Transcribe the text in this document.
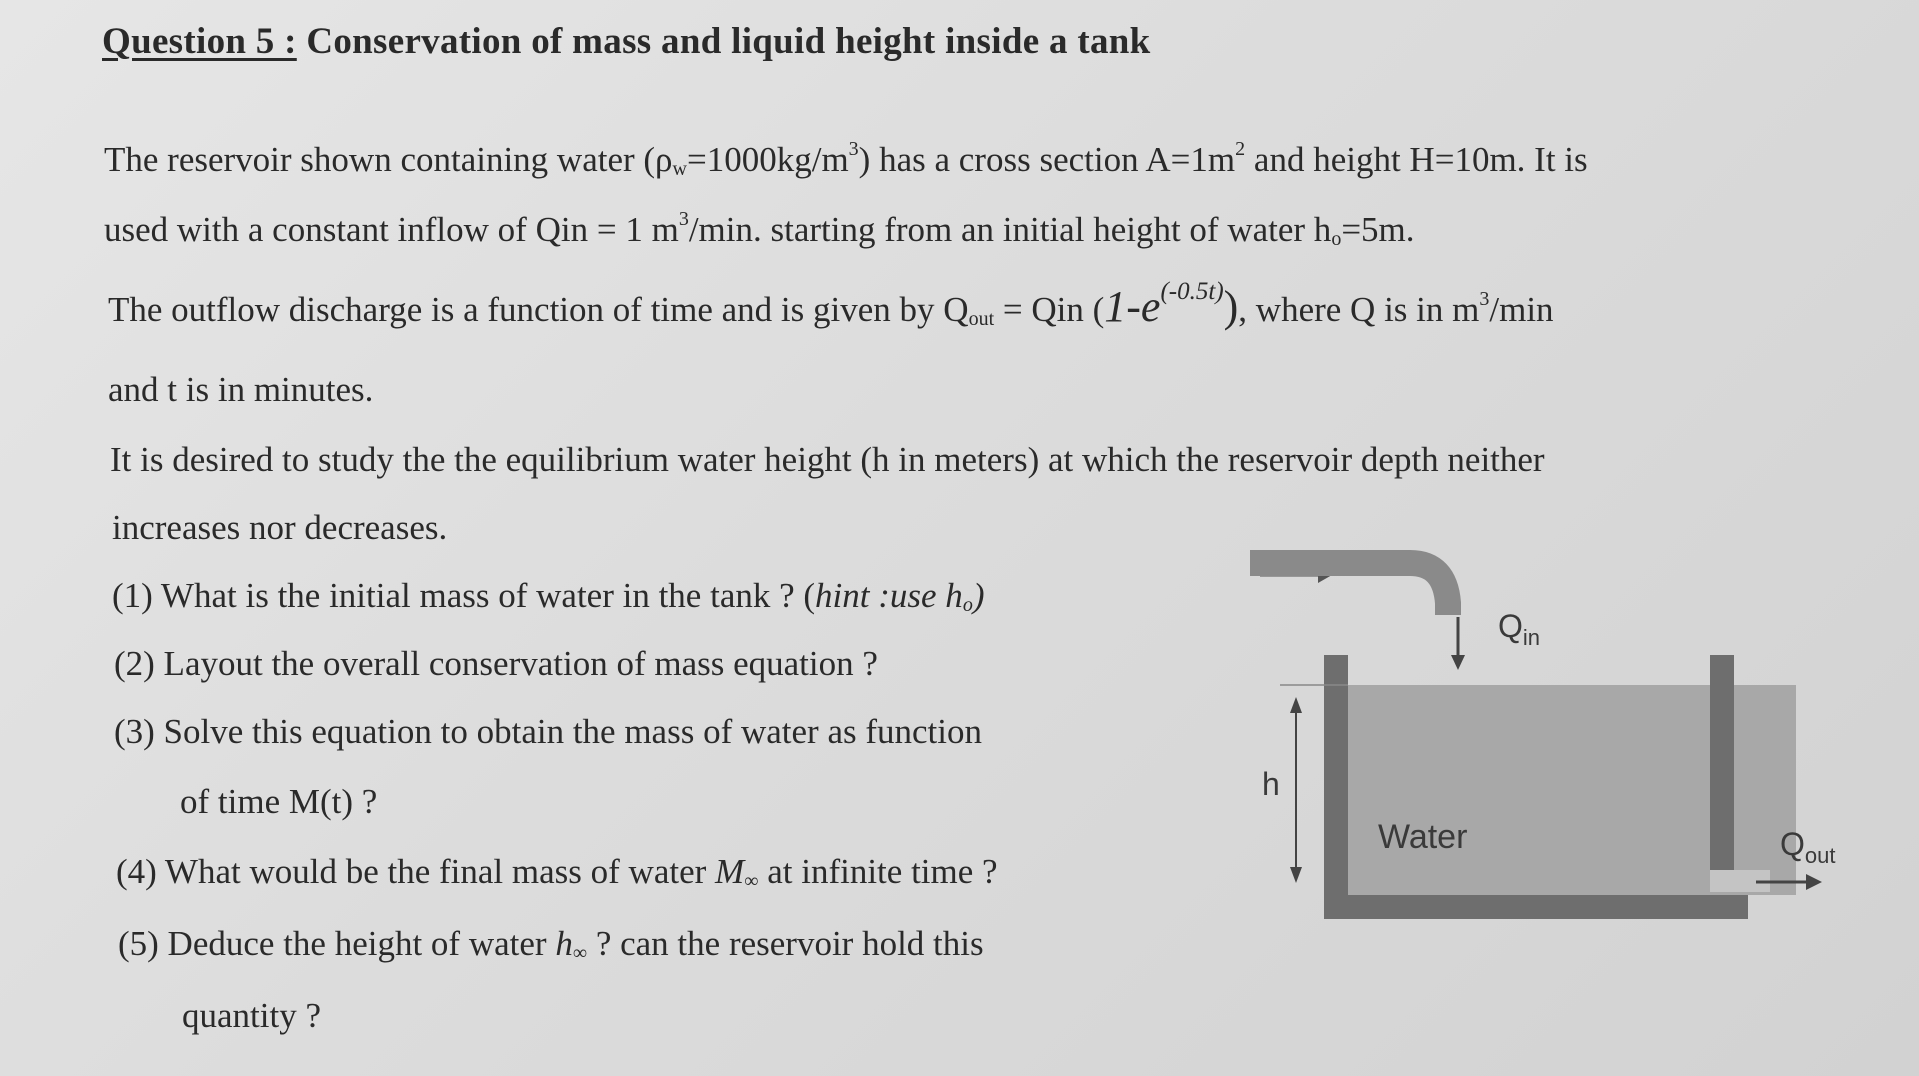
Question 5 : Conservation of mass and liquid height inside a tank
The reservoir shown containing water $(\rho_w=1000kg/m^3)$ has a cross section $A=1m^2$ and height H=10m. It is
used with a constant inflow of Qin = 1 $m^3/\min$. starting from an initial height of water $h_o=5m$.
The outflow discharge is a function of time and is given by $Q_{out}$ = Qin $(1-e^{(-0.5t)})$, where Q is in $m^3/\min$
and t is in minutes.
It is desired to study the the equilibrium water height (h in meters) at which the reservoir depth neither
increases nor decreases.
(1) What is the initial mass of water in the tank ? (hint :use $h_o$)
(2) Layout the overall conservation of mass equation ?
(3) Solve this equation to obtain the mass of water as function
of time M(t) ?
(4) What would be the final mass of water $M_\infty$ at infinite time ?
(5) Deduce the height of water $h_\infty$ ? can the reservoir hold this
quantity ?
$Q_{in}$
h
Water	$Q_{out}$
